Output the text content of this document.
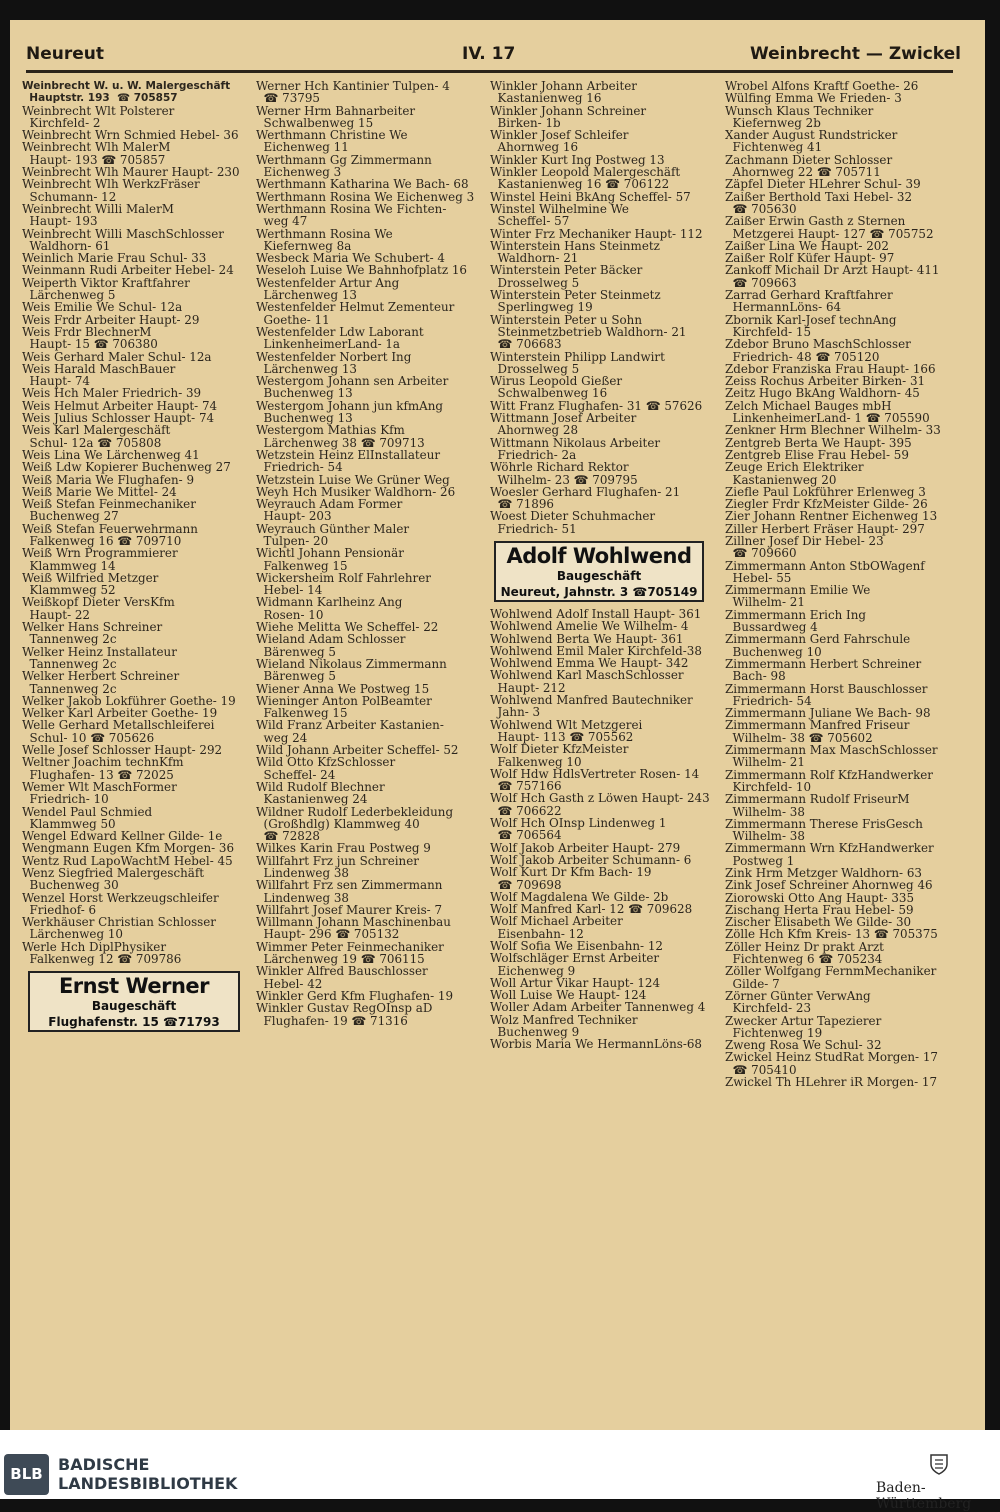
Neureut	IV. 17	Weinbrecht — Zwickel
Weinbrecht W. u. W. Malergeschäft
Hauptstr. 193  ☎ 705857
Weinbrecht Wlt Polsterer
Kirchfeld- 2
Weinbrecht Wrn Schmied Hebel- 36
Weinbrecht Wlh MalerM
Haupt- 193 ☎ 705857
Weinbrecht Wlh Maurer Haupt- 230
Weinbrecht Wlh WerkzFräser
Schumann- 12
Weinbrecht Willi MalerM
Haupt- 193
Weinbrecht Willi MaschSchlosser
Waldhorn- 61
Weinlich Marie Frau Schul- 33
Weinmann Rudi Arbeiter Hebel- 24
Weiperth Viktor Kraftfahrer
Lärchenweg 5
Weis Emilie We Schul- 12a
Weis Frdr Arbeiter Haupt- 29
Weis Frdr BlechnerM
Haupt- 15 ☎ 706380
Weis Gerhard Maler Schul- 12a
Weis Harald MaschBauer
Haupt- 74
Weis Hch Maler Friedrich- 39
Weis Helmut Arbeiter Haupt- 74
Weis Julius Schlosser Haupt- 74
Weis Karl Malergeschäft
Schul- 12a ☎ 705808
Weis Lina We Lärchenweg 41
Weiß Ldw Kopierer Buchenweg 27
Weiß Maria We Flughafen- 9
Weiß Marie We Mittel- 24
Weiß Stefan Feinmechaniker
Buchenweg 27
Weiß Stefan Feuerwehrmann
Falkenweg 16 ☎ 709710
Weiß Wrn Programmierer
Klammweg 14
Weiß Wilfried Metzger
Klammweg 52
Weißkopf Dieter VersKfm
Haupt- 22
Welker Hans Schreiner
Tannenweg 2c
Welker Heinz Installateur
Tannenweg 2c
Welker Herbert Schreiner
Tannenweg 2c
Welker Jakob Lokführer Goethe- 19
Welker Karl Arbeiter Goethe- 19
Welle Gerhard Metallschleiferei
Schul- 10 ☎ 705626
Welle Josef Schlosser Haupt- 292
Weltner Joachim technKfm
Flughafen- 13 ☎ 72025
Wemer Wlt MaschFormer
Friedrich- 10
Wendel Paul Schmied
Klammweg 50
Wengel Edward Kellner Gilde- 1e
Wengmann Eugen Kfm Morgen- 36
Wentz Rud LapoWachtM Hebel- 45
Wenz Siegfried Malergeschäft
Buchenweg 30
Wenzel Horst Werkzeugschleifer
Friedhof- 6
Werkhäuser Christian Schlosser
Lärchenweg 10
Werle Hch DiplPhysiker
Falkenweg 12 ☎ 709786
Ernst Werner
Baugeschäft
Flughafenstr. 15 ☎71793
Werner Hch Kantinier Tulpen- 4
☎ 73795
Werner Hrm Bahnarbeiter
Schwalbenweg 15
Werthmann Christine We
Eichenweg 11
Werthmann Gg Zimmermann
Eichenweg 3
Werthmann Katharina We Bach- 68
Werthmann Rosina We Eichenweg 3
Werthmann Rosina We Fichten-
weg 47
Werthmann Rosina We
Kiefernweg 8a
Wesbeck Maria We Schubert- 4
Weseloh Luise We Bahnhofplatz 16
Westenfelder Artur Ang
Lärchenweg 13
Westenfelder Helmut Zementeur
Goethe- 11
Westenfelder Ldw Laborant
LinkenheimerLand- 1a
Westenfelder Norbert Ing
Lärchenweg 13
Westergom Johann sen Arbeiter
Buchenweg 13
Westergom Johann jun kfmAng
Buchenweg 13
Westergom Mathias Kfm
Lärchenweg 38 ☎ 709713
Wetzstein Heinz ElInstallateur
Friedrich- 54
Wetzstein Luise We Grüner Weg
Weyh Hch Musiker Waldhorn- 26
Weyrauch Adam Former
Haupt- 203
Weyrauch Günther Maler
Tulpen- 20
Wichtl Johann Pensionär
Falkenweg 15
Wickersheim Rolf Fahrlehrer
Hebel- 14
Widmann Karlheinz Ang
Rosen- 10
Wiehe Melitta We Scheffel- 22
Wieland Adam Schlosser
Bärenweg 5
Wieland Nikolaus Zimmermann
Bärenweg 5
Wiener Anna We Postweg 15
Wieninger Anton PolBeamter
Falkenweg 15
Wild Franz Arbeiter Kastanien-
weg 24
Wild Johann Arbeiter Scheffel- 52
Wild Otto KfzSchlosser
Scheffel- 24
Wild Rudolf Blechner
Kastanienweg 24
Wildner Rudolf Lederbekleidung
(Großhdlg) Klammweg 40
☎ 72828
Wilkes Karin Frau Postweg 9
Willfahrt Frz jun Schreiner
Lindenweg 38
Willfahrt Frz sen Zimmermann
Lindenweg 38
Willfahrt Josef Maurer Kreis- 7
Willmann Johann Maschinenbau
Haupt- 296 ☎ 705132
Wimmer Peter Feinmechaniker
Lärchenweg 19 ☎ 706115
Winkler Alfred Bauschlosser
Hebel- 42
Winkler Gerd Kfm Flughafen- 19
Winkler Gustav RegOInsp aD
Flughafen- 19 ☎ 71316
Winkler Johann Arbeiter
Kastanienweg 16
Winkler Johann Schreiner
Birken- 1b
Winkler Josef Schleifer
Ahornweg 16
Winkler Kurt Ing Postweg 13
Winkler Leopold Malergeschäft
Kastanienweg 16 ☎ 706122
Winstel Heini BkAng Scheffel- 57
Winstel Wilhelmine We
Scheffel- 57
Winter Frz Mechaniker Haupt- 112
Winterstein Hans Steinmetz
Waldhorn- 21
Winterstein Peter Bäcker
Drosselweg 5
Winterstein Peter Steinmetz
Sperlingweg 19
Winterstein Peter u Sohn
Steinmetzbetrieb Waldhorn- 21
☎ 706683
Winterstein Philipp Landwirt
Drosselweg 5
Wirus Leopold Gießer
Schwalbenweg 16
Witt Franz Flughafen- 31 ☎ 57626
Wittmann Josef Arbeiter
Ahornweg 28
Wittmann Nikolaus Arbeiter
Friedrich- 2a
Wöhrle Richard Rektor
Wilhelm- 23 ☎ 709795
Woesler Gerhard Flughafen- 21
☎ 71896
Woest Dieter Schuhmacher
Friedrich- 51
Adolf Wohlwend
Baugeschäft
Neureut, Jahnstr. 3 ☎705149
Wohlwend Adolf Install Haupt- 361
Wohlwend Amelie We Wilhelm- 4
Wohlwend Berta We Haupt- 361
Wohlwend Emil Maler Kirchfeld-38
Wohlwend Emma We Haupt- 342
Wohlwend Karl MaschSchlosser
Haupt- 212
Wohlwend Manfred Bautechniker
Jahn- 3
Wohlwend Wlt Metzgerei
Haupt- 113 ☎ 705562
Wolf Dieter KfzMeister
Falkenweg 10
Wolf Hdw HdlsVertreter Rosen- 14
☎ 757166
Wolf Hch Gasth z Löwen Haupt- 243
☎ 706622
Wolf Hch OInsp Lindenweg 1
☎ 706564
Wolf Jakob Arbeiter Haupt- 279
Wolf Jakob Arbeiter Schumann- 6
Wolf Kurt Dr Kfm Bach- 19
☎ 709698
Wolf Magdalena We Gilde- 2b
Wolf Manfred Karl- 12 ☎ 709628
Wolf Michael Arbeiter
Eisenbahn- 12
Wolf Sofia We Eisenbahn- 12
Wolfschläger Ernst Arbeiter
Eichenweg 9
Woll Artur Vikar Haupt- 124
Woll Luise We Haupt- 124
Woller Adam Arbeiter Tannenweg 4
Wolz Manfred Techniker
Buchenweg 9
Worbis Maria We HermannLöns-68
Wrobel Alfons Kraftf Goethe- 26
Wülfing Emma We Frieden- 3
Wunsch Klaus Techniker
Kiefernweg 2b
Xander August Rundstricker
Fichtenweg 41
Zachmann Dieter Schlosser
Ahornweg 22 ☎ 705711
Zäpfel Dieter HLehrer Schul- 39
Zaißer Berthold Taxi Hebel- 32
☎ 705630
Zaißer Erwin Gasth z Sternen
Metzgerei Haupt- 127 ☎ 705752
Zaißer Lina We Haupt- 202
Zaißer Rolf Küfer Haupt- 97
Zankoff Michail Dr Arzt Haupt- 411
☎ 709663
Zarrad Gerhard Kraftfahrer
HermannLöns- 64
Zbornik Karl-Josef technAng
Kirchfeld- 15
Zdebor Bruno MaschSchlosser
Friedrich- 48 ☎ 705120
Zdebor Franziska Frau Haupt- 166
Zeiss Rochus Arbeiter Birken- 31
Zeitz Hugo BkAng Waldhorn- 45
Zelch Michael Bauges mbH
LinkenheimerLand- 1 ☎ 705590
Zenkner Hrm Blechner Wilhelm- 33
Zentgreb Berta We Haupt- 395
Zentgreb Elise Frau Hebel- 59
Zeuge Erich Elektriker
Kastanienweg 20
Ziefle Paul Lokführer Erlenweg 3
Ziegler Frdr KfzMeister Gilde- 26
Zier Johann Rentner Eichenweg 13
Ziller Herbert Fräser Haupt- 297
Zillner Josef Dir Hebel- 23
☎ 709660
Zimmermann Anton StbOWagenf
Hebel- 55
Zimmermann Emilie We
Wilhelm- 21
Zimmermann Erich Ing
Bussardweg 4
Zimmermann Gerd Fahrschule
Buchenweg 10
Zimmermann Herbert Schreiner
Bach- 98
Zimmermann Horst Bauschlosser
Friedrich- 54
Zimmermann Juliane We Bach- 98
Zimmermann Manfred Friseur
Wilhelm- 38 ☎ 705602
Zimmermann Max MaschSchlosser
Wilhelm- 21
Zimmermann Rolf KfzHandwerker
Kirchfeld- 10
Zimmermann Rudolf FriseurM
Wilhelm- 38
Zimmermann Therese FrisGesch
Wilhelm- 38
Zimmermann Wrn KfzHandwerker
Postweg 1
Zink Hrm Metzger Waldhorn- 63
Zink Josef Schreiner Ahornweg 46
Ziorowski Otto Ang Haupt- 335
Zischang Herta Frau Hebel- 59
Zischer Elisabeth We Gilde- 30
Zölle Hch Kfm Kreis- 13 ☎ 705375
Zöller Heinz Dr prakt Arzt
Fichtenweg 6 ☎ 705234
Zöller Wolfgang FernmMechaniker
Gilde- 7
Zörner Günter VerwAng
Kirchfeld- 23
Zwecker Artur Tapezierer
Fichtenweg 19
Zweng Rosa We Schul- 32
Zwickel Heinz StudRat Morgen- 17
☎ 705410
Zwickel Th HLehrer iR Morgen- 17
BLB BADISCHE
LANDESBIBLIOTHEK	Baden-Württemberg
